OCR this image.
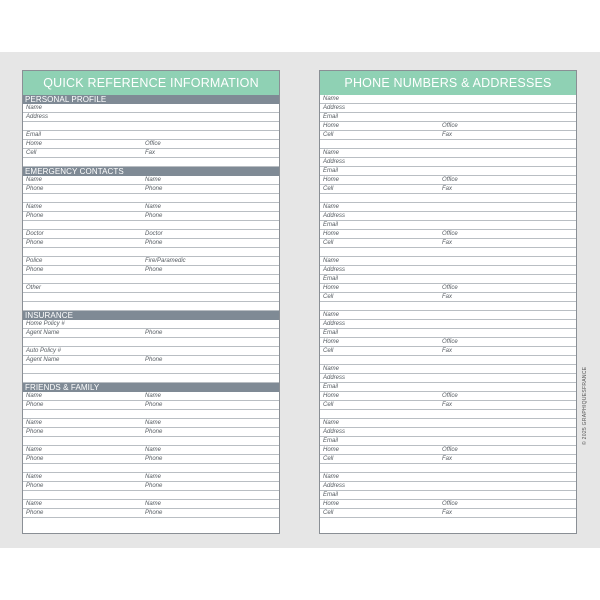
QUICK REFERENCE INFORMATION
PERSONAL PROFILE
Name
Address
Email
Home	Office
Cell	Fax
EMERGENCY CONTACTS
Name	Name
Phone	Phone
Name	Name
Phone	Phone
Doctor	Doctor
Phone	Phone
Police	Fire/Paramedic
Phone	Phone
Other
INSURANCE
Home Policy #
Agent Name	Phone
Auto Policy #
Agent Name	Phone
FRIENDS & FAMILY
Name	Name
Phone	Phone
Name	Name
Phone	Phone
Name	Name
Phone	Phone
Name	Name
Phone	Phone
Name	Name
Phone	Phone
PHONE NUMBERS & ADDRESSES
Name
Address
Email
Home	Office
Cell	Fax
Name
Address
Email
Home	Office
Cell	Fax
Name
Address
Email
Home	Office
Cell	Fax
Name
Address
Email
Home	Office
Cell	Fax
Name
Address
Email
Home	Office
Cell	Fax
Name
Address
Email
Home	Office
Cell	Fax
Name
Address
Email
Home	Office
Cell	Fax
Name
Address
Email
Home	Office
Cell	Fax
© 2025 GRAPHIQUESFRANCE
